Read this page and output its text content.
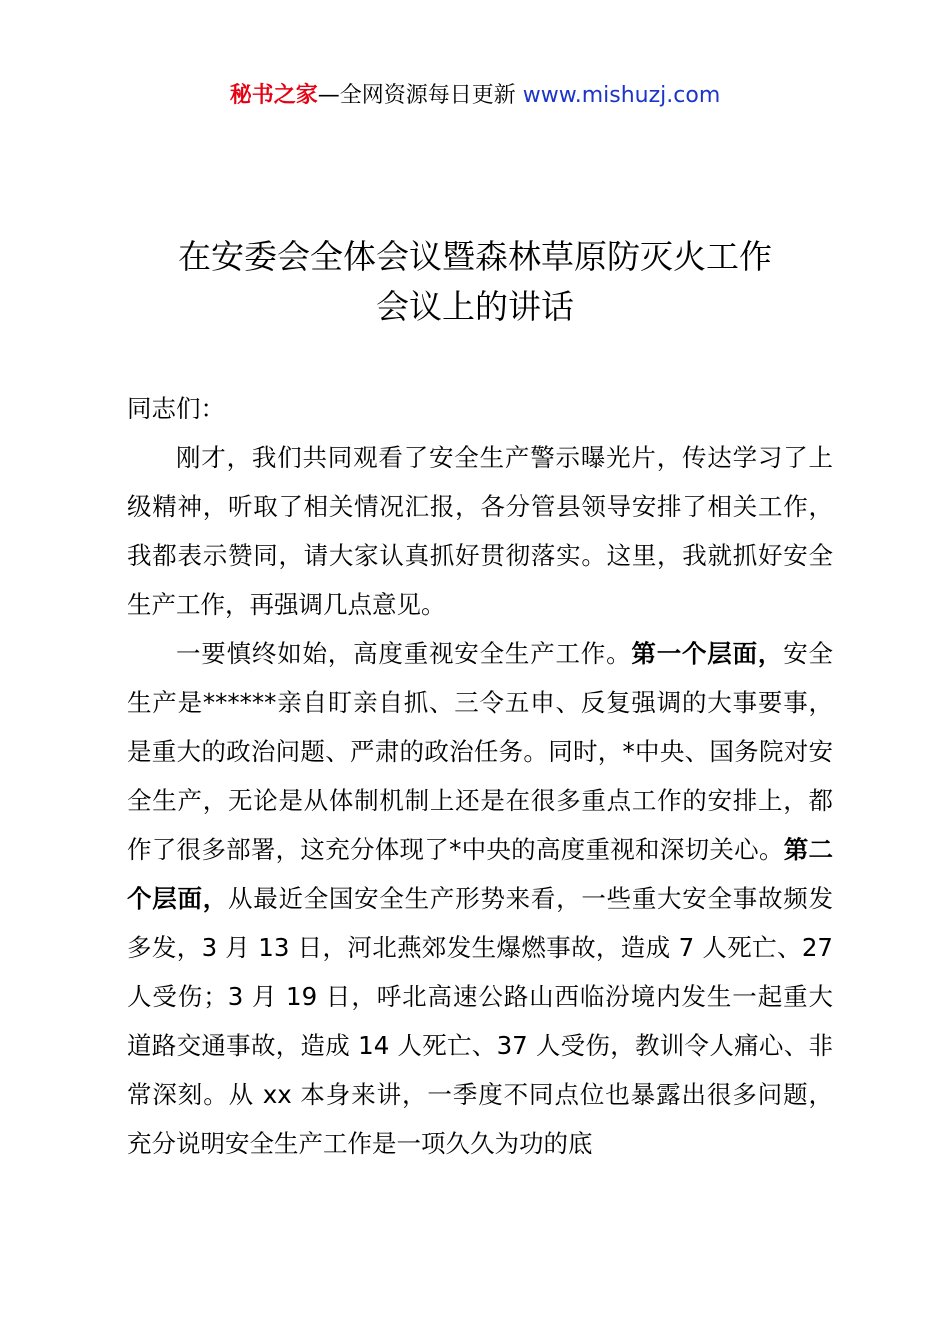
秘书之家—全网资源每日更新 www.mishuzj.com
在安委会全体会议暨森林草原防灭火工作
会议上的讲话

同志们：

刚才，我们共同观看了安全生产警示曝光片，传达学习了上级精神，听取了相关情况汇报，各分管县领导安排了相关工作，我都表示赞同，请大家认真抓好贯彻落实。这里，我就抓好安全生产工作，再强调几点意见。

一要慎终如始，高度重视安全生产工作。第一个层面，安全生产是******亲自盯亲自抓、三令五申、反复强调的大事要事，是重大的政治问题、严肃的政治任务。同时，*中央、国务院对安全生产，无论是从体制机制上还是在很多重点工作的安排上，都作了很多部署，这充分体现了*中央的高度重视和深切关心。第二个层面，从最近全国安全生产形势来看，一些重大安全事故频发多发，3 月 13 日，河北燕郊发生爆燃事故，造成 7 人死亡、27 人受伤；3 月 19 日，呼北高速公路山西临汾境内发生一起重大道路交通事故，造成 14 人死亡、37 人受伤，教训令人痛心、非常深刻。从 xx 本身来讲，一季度不同点位也暴露出很多问题，充分说明安全生产工作是一项久久为功的底
